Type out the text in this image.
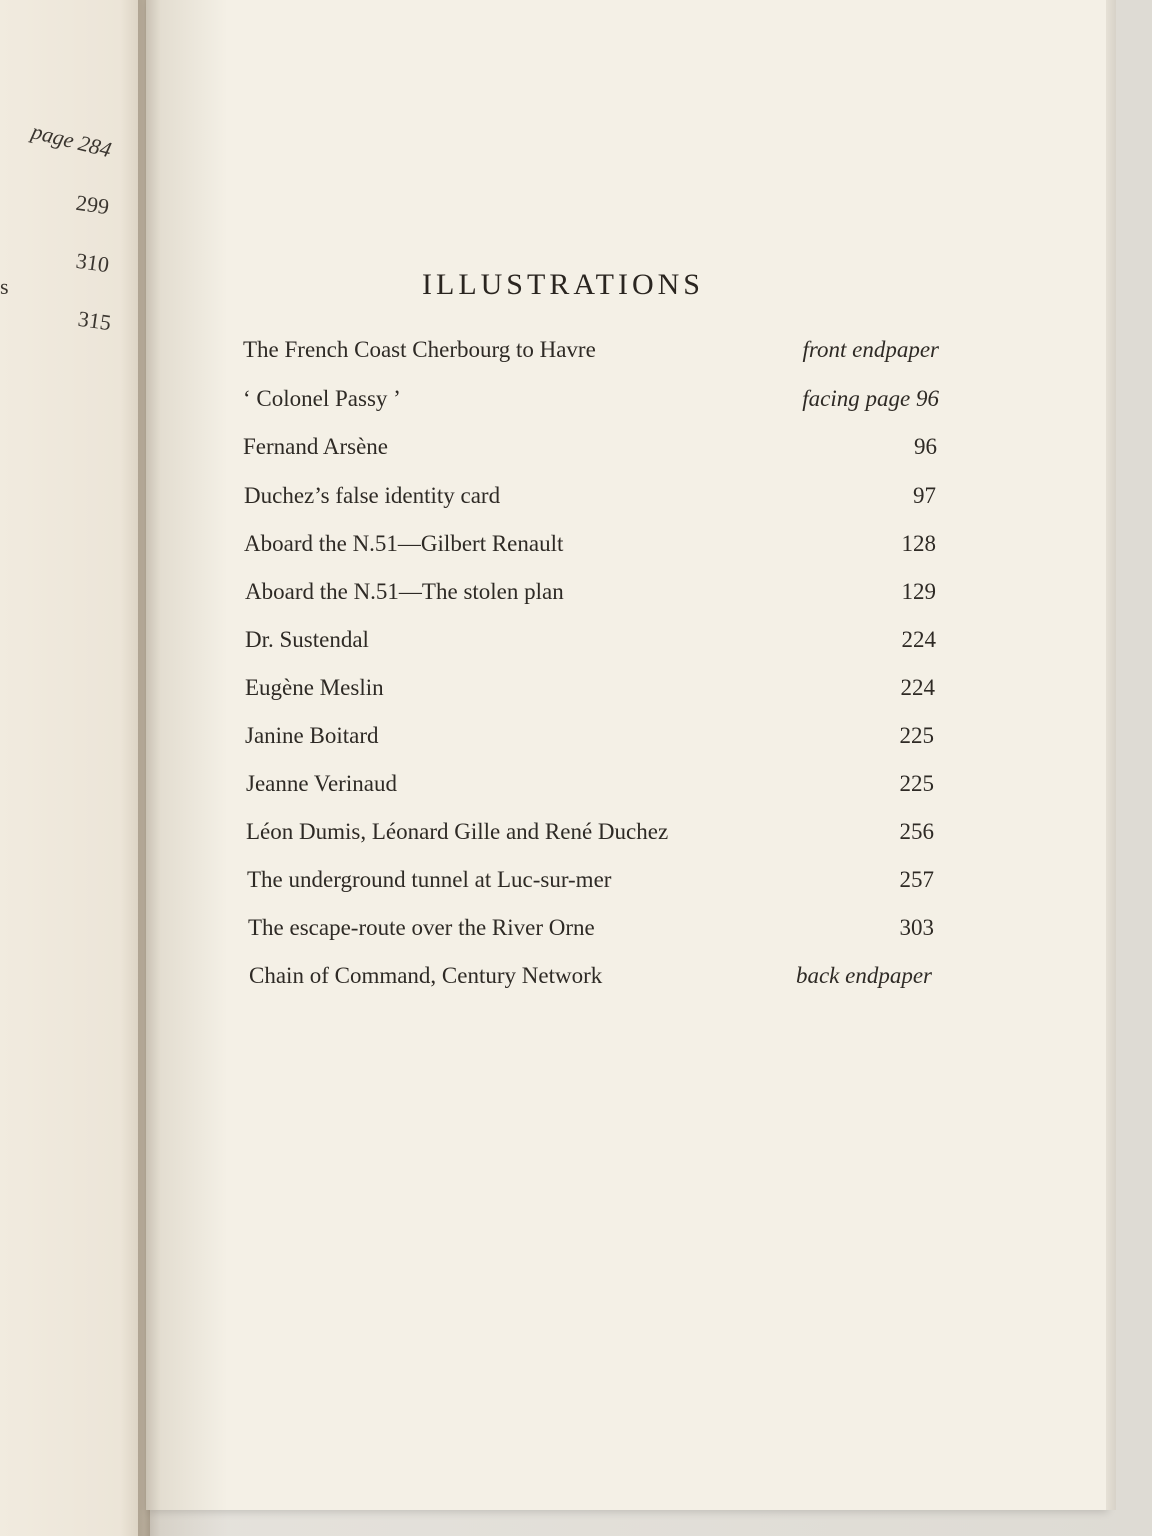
page 284
299
310
s
315
ILLUSTRATIONS
The French Coast Cherbourg to Havre	front endpaper
‘ Colonel Passy ’	facing page 96
Fernand Arsène	96
Duchez’s false identity card	97
Aboard the N.51—Gilbert Renault	128
Aboard the N.51—The stolen plan	129
Dr. Sustendal	224
Eugène Meslin	224
Janine Boitard	225
Jeanne Verinaud	225
Léon Dumis, Léonard Gille and René Duchez	256
The underground tunnel at Luc-sur-mer	257
The escape-route over the River Orne	303
Chain of Command, Century Network	back endpaper
